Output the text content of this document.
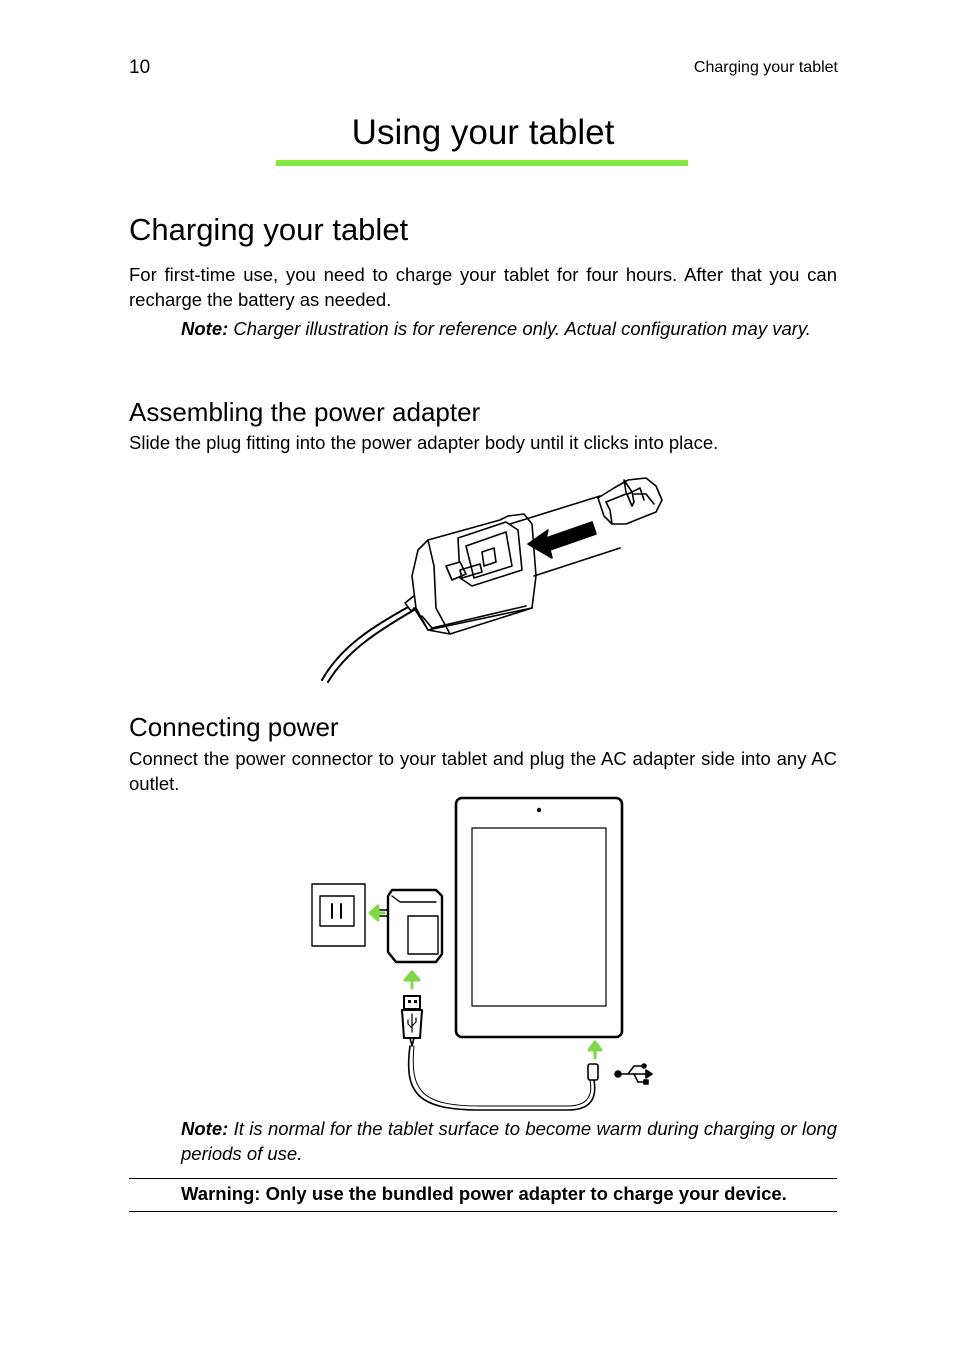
10	Charging your tablet
Using your tablet
Charging your tablet
For first-time use, you need to charge your tablet for four hours. After that you can recharge the battery as needed.
Note: Charger illustration is for reference only. Actual configuration may vary.
Assembling the power adapter
Slide the plug fitting into the power adapter body until it clicks into place.
Connecting power
Connect the power connector to your tablet and plug the AC adapter side into any AC outlet.
Note: It is normal for the tablet surface to become warm during charging or long periods of use.
Warning: Only use the bundled power adapter to charge your device.
